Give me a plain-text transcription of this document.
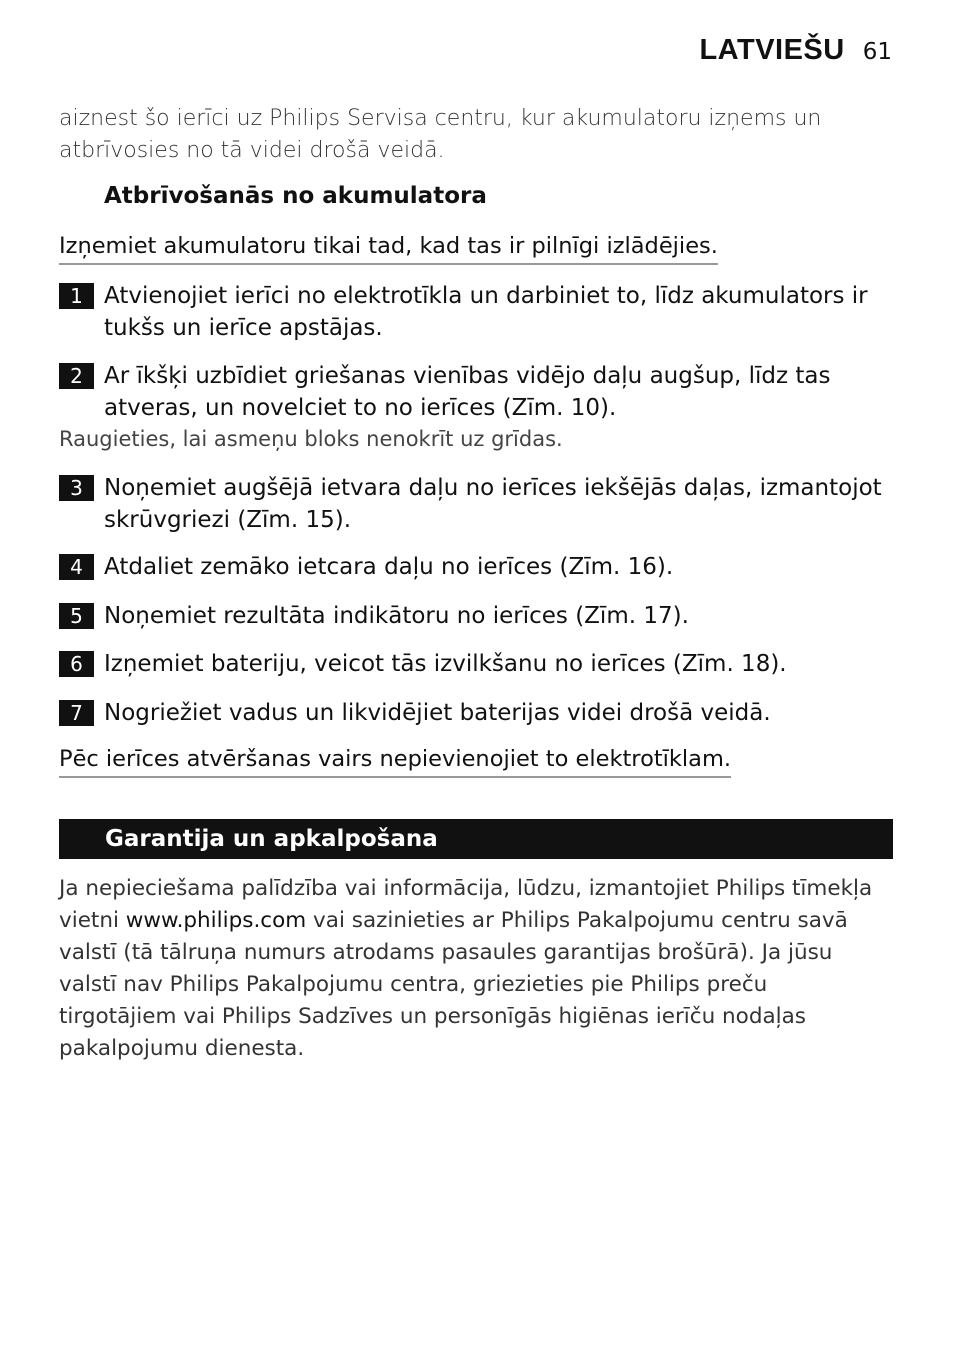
LATVIEŠU 61
aiznest šo ierīci uz Philips Servisa centru, kur akumulatoru izņems un
atbrīvosies no tā videi drošā veidā.
Atbrīvošanās no akumulatora
Izņemiet akumulatoru tikai tad, kad tas ir pilnīgi izlādējies.
1 Atvienojiet ierīci no elektrotīkla un darbiniet to, līdz akumulators ir
tukšs un ierīce apstājas.
2 Ar īkšķi uzbīdiet griešanas vienības vidējo daļu augšup, līdz tas
atveras, un novelciet to no ierīces (Zīm. 10).
Raugieties, lai asmeņu bloks nenokrīt uz grīdas.
3 Noņemiet augšējā ietvara daļu no ierīces iekšējās daļas, izmantojot
skrūvgriezi (Zīm. 15).
4 Atdaliet zemāko ietcara daļu no ierīces (Zīm. 16).
5 Noņemiet rezultāta indikātoru no ierīces (Zīm. 17).
6 Izņemiet bateriju, veicot tās izvilkšanu no ierīces (Zīm. 18).
7 Nogriežiet vadus un likvidējiet baterijas videi drošā veidā.
Pēc ierīces atvēršanas vairs nepievienojiet to elektrotīklam.
Garantija un apkalpošana
Ja nepieciešama palīdzība vai informācija, lūdzu, izmantojiet Philips tīmekļa
vietni www.philips.com vai sazinieties ar Philips Pakalpojumu centru savā
valstī (tā tālruņa numurs atrodams pasaules garantijas brošūrā). Ja jūsu
valstī nav Philips Pakalpojumu centra, griezieties pie Philips preču
tirgotājiem vai Philips Sadzīves un personīgās higiēnas ierīču nodaļas
pakalpojumu dienesta.
